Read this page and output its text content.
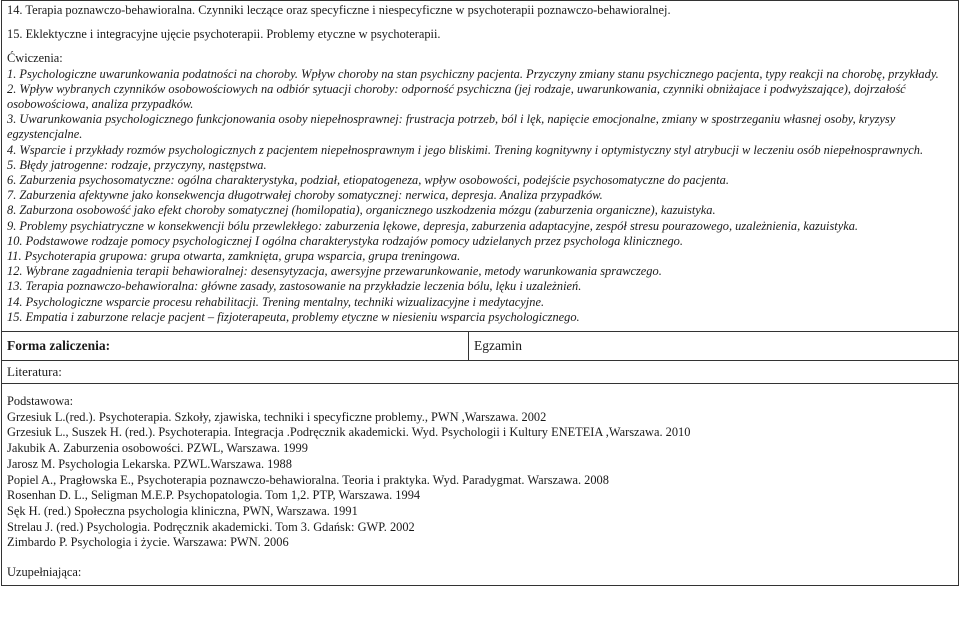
14. Terapia poznawczo-behawioralna. Czynniki leczące oraz specyficzne i niespecyficzne w psychoterapii poznawczo-behawioralnej.

15. Eklektyczne i integracyjne ujęcie psychoterapii. Problemy etyczne w psychoterapii.

Ćwiczenia:

1. Psychologiczne uwarunkowania podatności na choroby. Wpływ choroby na stan psychiczny pacjenta. Przyczyny zmiany stanu psychicznego pacjenta, typy reakcji na chorobę, przykłady.

2. Wpływ wybranych czynników osobowościowych na odbiór sytuacji choroby: odporność psychiczna (jej rodzaje, uwarunkowania, czynniki obniżajace i podwyższające), dojrzałość osobowościowa, analiza przypadków.

3. Uwarunkowania psychologicznego funkcjonowania osoby niepełnosprawnej: frustracja potrzeb, ból i lęk, napięcie emocjonalne, zmiany w spostrzeganiu własnej osoby, kryzysy egzystencjalne.

4. Wsparcie i przykłady rozmów psychologicznych z pacjentem niepełnosprawnym i jego bliskimi. Trening kognitywny i optymistyczny styl atrybucji w leczeniu osób niepełnosprawnych.

5. Błędy jatrogenne: rodzaje, przyczyny, następstwa.

6. Zaburzenia psychosomatyczne: ogólna charakterystyka, podział, etiopatogeneza, wpływ osobowości, podejście psychosomatyczne do pacjenta.

7. Zaburzenia afektywne jako konsekwencja długotrwałej choroby somatycznej: nerwica, depresja. Analiza przypadków.

8. Zaburzona osobowość jako efekt choroby somatycznej (homilopatia), organicznego uszkodzenia mózgu (zaburzenia organiczne), kazuistyka.

9. Problemy psychiatryczne w konsekwencji bólu przewlekłego: zaburzenia lękowe, depresja, zaburzenia adaptacyjne, zespół stresu pourazowego, uzależnienia, kazuistyka.

10. Podstawowe rodzaje pomocy psychologicznej I ogólna charakterystyka rodzajów pomocy udzielanych przez psychologa klinicznego.

11. Psychoterapia grupowa: grupa otwarta, zamknięta, grupa wsparcia, grupa treningowa.

12. Wybrane zagadnienia terapii behawioralnej: desensytyzacja, awersyjne przewarunkowanie, metody warunkowania sprawczego.

13. Terapia poznawczo-behawioralna: główne zasady, zastosowanie na przykładzie leczenia bólu, lęku i uzależnień.

14. Psychologiczne wsparcie procesu rehabilitacji. Trening mentalny, techniki wizualizacyjne i medytacyjne.

15. Empatia i zaburzone relacje pacjent – fizjoterapeuta, problemy etyczne w niesieniu wsparcia psychologicznego.

Forma zaliczenia:	Egzamin

Literatura:

Podstawowa:

Grzesiuk L.(red.). Psychoterapia. Szkoły, zjawiska, techniki i specyficzne problemy., PWN ,Warszawa. 2002

Grzesiuk L., Suszek H. (red.). Psychoterapia. Integracja .Podręcznik akademicki. Wyd. Psychologii i Kultury ENETEIA ,Warszawa. 2010

Jakubik A. Zaburzenia osobowości. PZWL, Warszawa. 1999

Jarosz M. Psychologia Lekarska. PZWL.Warszawa. 1988

Popiel A., Pragłowska E., Psychoterapia poznawczo-behawioralna. Teoria i praktyka. Wyd. Paradygmat. Warszawa. 2008

Rosenhan D. L., Seligman M.E.P. Psychopatologia. Tom 1,2. PTP, Warszawa. 1994

Sęk H. (red.) Społeczna psychologia kliniczna, PWN, Warszawa. 1991

Strelau J. (red.) Psychologia. Podręcznik akademicki. Tom 3. Gdańsk: GWP. 2002

Zimbardo P. Psychologia i życie. Warszawa: PWN. 2006

Uzupełniająca:
